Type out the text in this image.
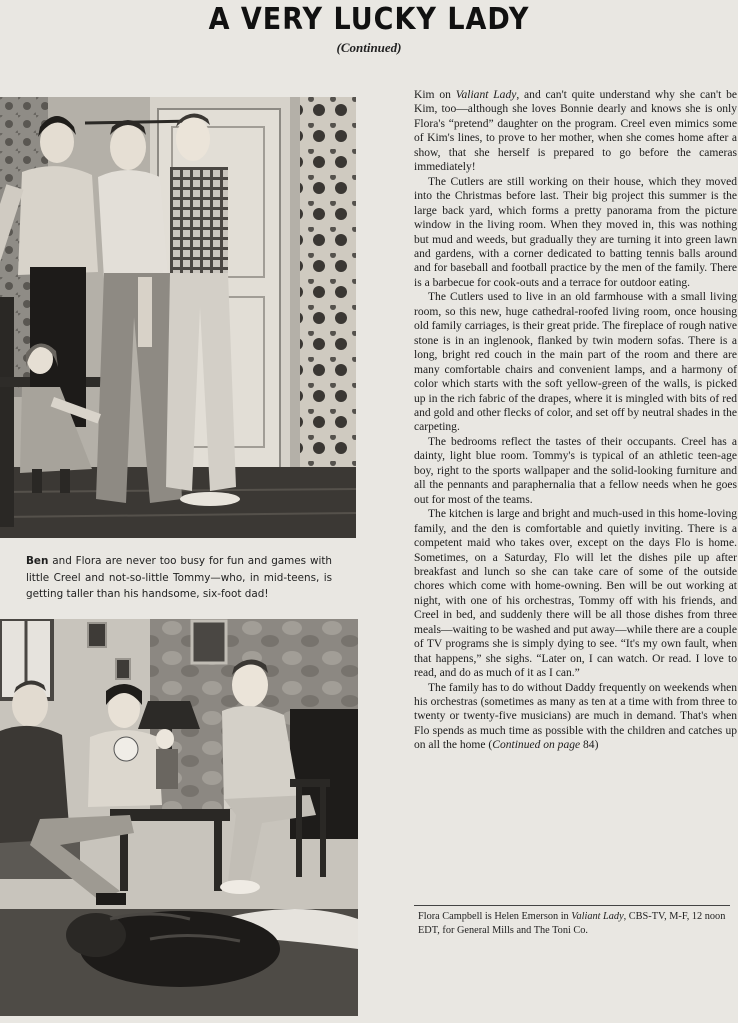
A VERY LUCKY LADY
(Continued)
Ben and Flora are never too busy for fun and games with little Creel and not-so-little Tommy—who, in mid-teens, is getting taller than his handsome, six-foot dad!

Kim on Valiant Lady, and can't quite understand why she can't be Kim, too—although she loves Bonnie dearly and knows she is only Flora's “pretend” daughter on the program. Creel even mimics some of Kim's lines, to prove to her mother, when she comes home after a show, that she herself is prepared to go before the cameras immediately!

The Cutlers are still working on their house, which they moved into the Christmas before last. Their big project this summer is the large back yard, which forms a pretty panorama from the picture window in the living room. When they moved in, this was nothing but mud and weeds, but gradually they are turning it into green lawn and gardens, with a corner dedicated to batting tennis balls around and for baseball and football practice by the men of the family. There is a barbecue for cook-outs and a terrace for outdoor eating.

The Cutlers used to live in an old farmhouse with a small living room, so this new, huge cathedral-roofed living room, once housing old family carriages, is their great pride. The fireplace of rough native stone is in an inglenook, flanked by twin modern sofas. There is a long, bright red couch in the main part of the room and there are many comfortable chairs and convenient lamps, and a harmony of color which starts with the soft yellow-green of the walls, is picked up in the rich fabric of the drapes, where it is mingled with bits of red and gold and other flecks of color, and set off by neutral shades in the carpeting.

The bedrooms reflect the tastes of their occupants. Creel has a dainty, light blue room. Tommy's is typical of an athletic teen-age boy, right to the sports wallpaper and the solid-looking furniture and all the pennants and paraphernalia that a fellow needs when he goes out for most of the teams.

The kitchen is large and bright and much-used in this home-loving family, and the den is comfortable and quietly inviting. There is a competent maid who takes over, except on the days Flo is home. Sometimes, on a Saturday, Flo will let the dishes pile up after breakfast and lunch so she can take care of some of the outside chores which come with home-owning. Ben will be out working at night, with one of his orchestras, Tommy off with his friends, and Creel in bed, and suddenly there will be all those dishes from three meals—waiting to be washed and put away—while there are a couple of TV programs she is simply dying to see. “It's my own fault, when that happens,” she sighs. “Later on, I can watch. Or read. I love to read, and do as much of it as I can.”

The family has to do without Daddy frequently on weekends when his orchestras (sometimes as many as ten at a time with from three to twenty or twenty-five musicians) are much in demand. That's when Flo spends as much time as possible with the children and catches up on all the home (Continued on page 84)

Flora Campbell is Helen Emerson in Valiant Lady, CBS-TV, M-F, 12 noon EDT, for General Mills and The Toni Co.
